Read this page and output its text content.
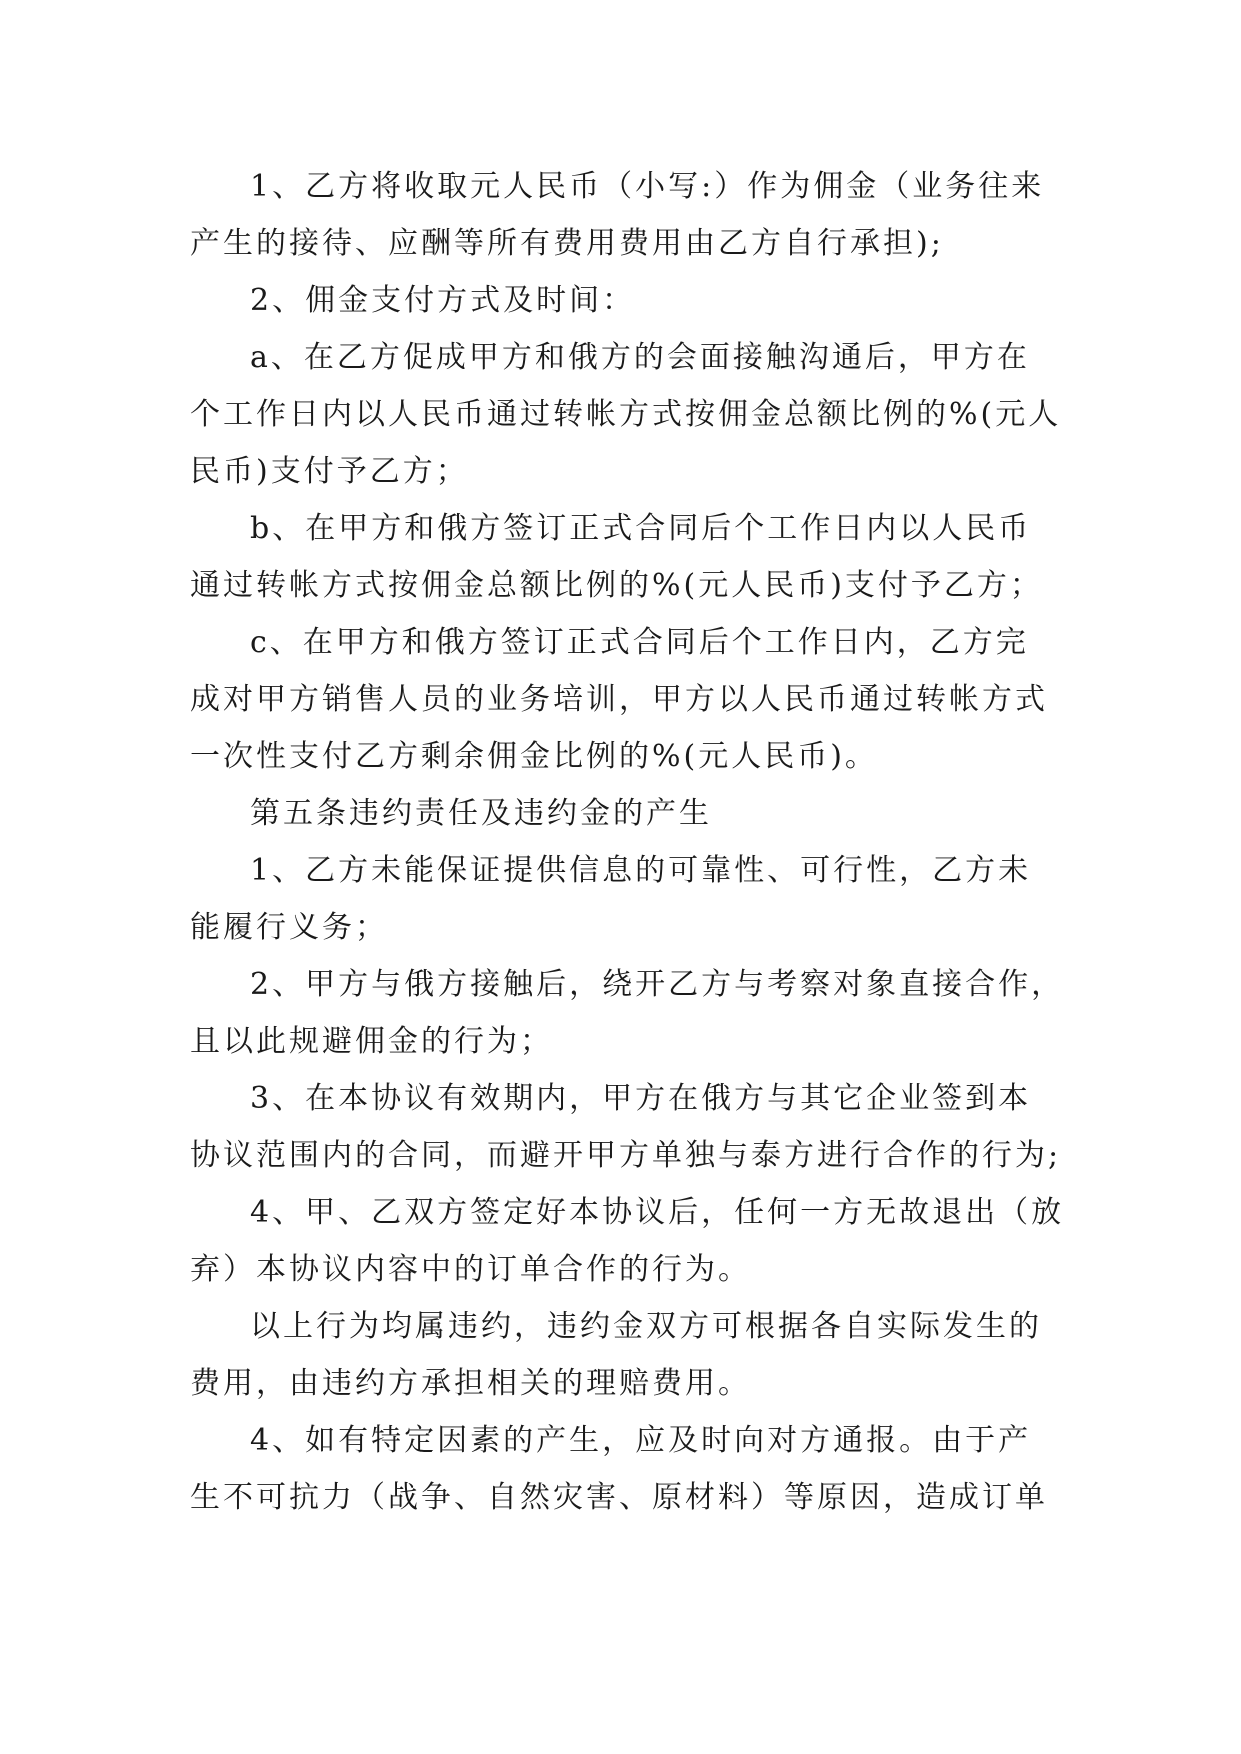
1、乙方将收取元人民币（小写:）作为佣金（业务往来
产生的接待、应酬等所有费用费用由乙方自行承担);
2、佣金支付方式及时间：
a、在乙方促成甲方和俄方的会面接触沟通后，甲方在
个工作日内以人民币通过转帐方式按佣金总额比例的%(元人
民币)支付予乙方；
b、在甲方和俄方签订正式合同后个工作日内以人民币
通过转帐方式按佣金总额比例的%(元人民币)支付予乙方；
c、在甲方和俄方签订正式合同后个工作日内，乙方完
成对甲方销售人员的业务培训，甲方以人民币通过转帐方式
一次性支付乙方剩余佣金比例的%(元人民币)。
第五条违约责任及违约金的产生
1、乙方未能保证提供信息的可靠性、可行性，乙方未
能履行义务；
2、甲方与俄方接触后，绕开乙方与考察对象直接合作，
且以此规避佣金的行为；
3、在本协议有效期内，甲方在俄方与其它企业签到本
协议范围内的合同，而避开甲方单独与泰方进行合作的行为;
4、甲、乙双方签定好本协议后，任何一方无故退出（放
弃）本协议内容中的订单合作的行为。
以上行为均属违约，违约金双方可根据各自实际发生的
费用，由违约方承担相关的理赔费用。
4、如有特定因素的产生，应及时向对方通报。由于产
生不可抗力（战争、自然灾害、原材料）等原因，造成订单
